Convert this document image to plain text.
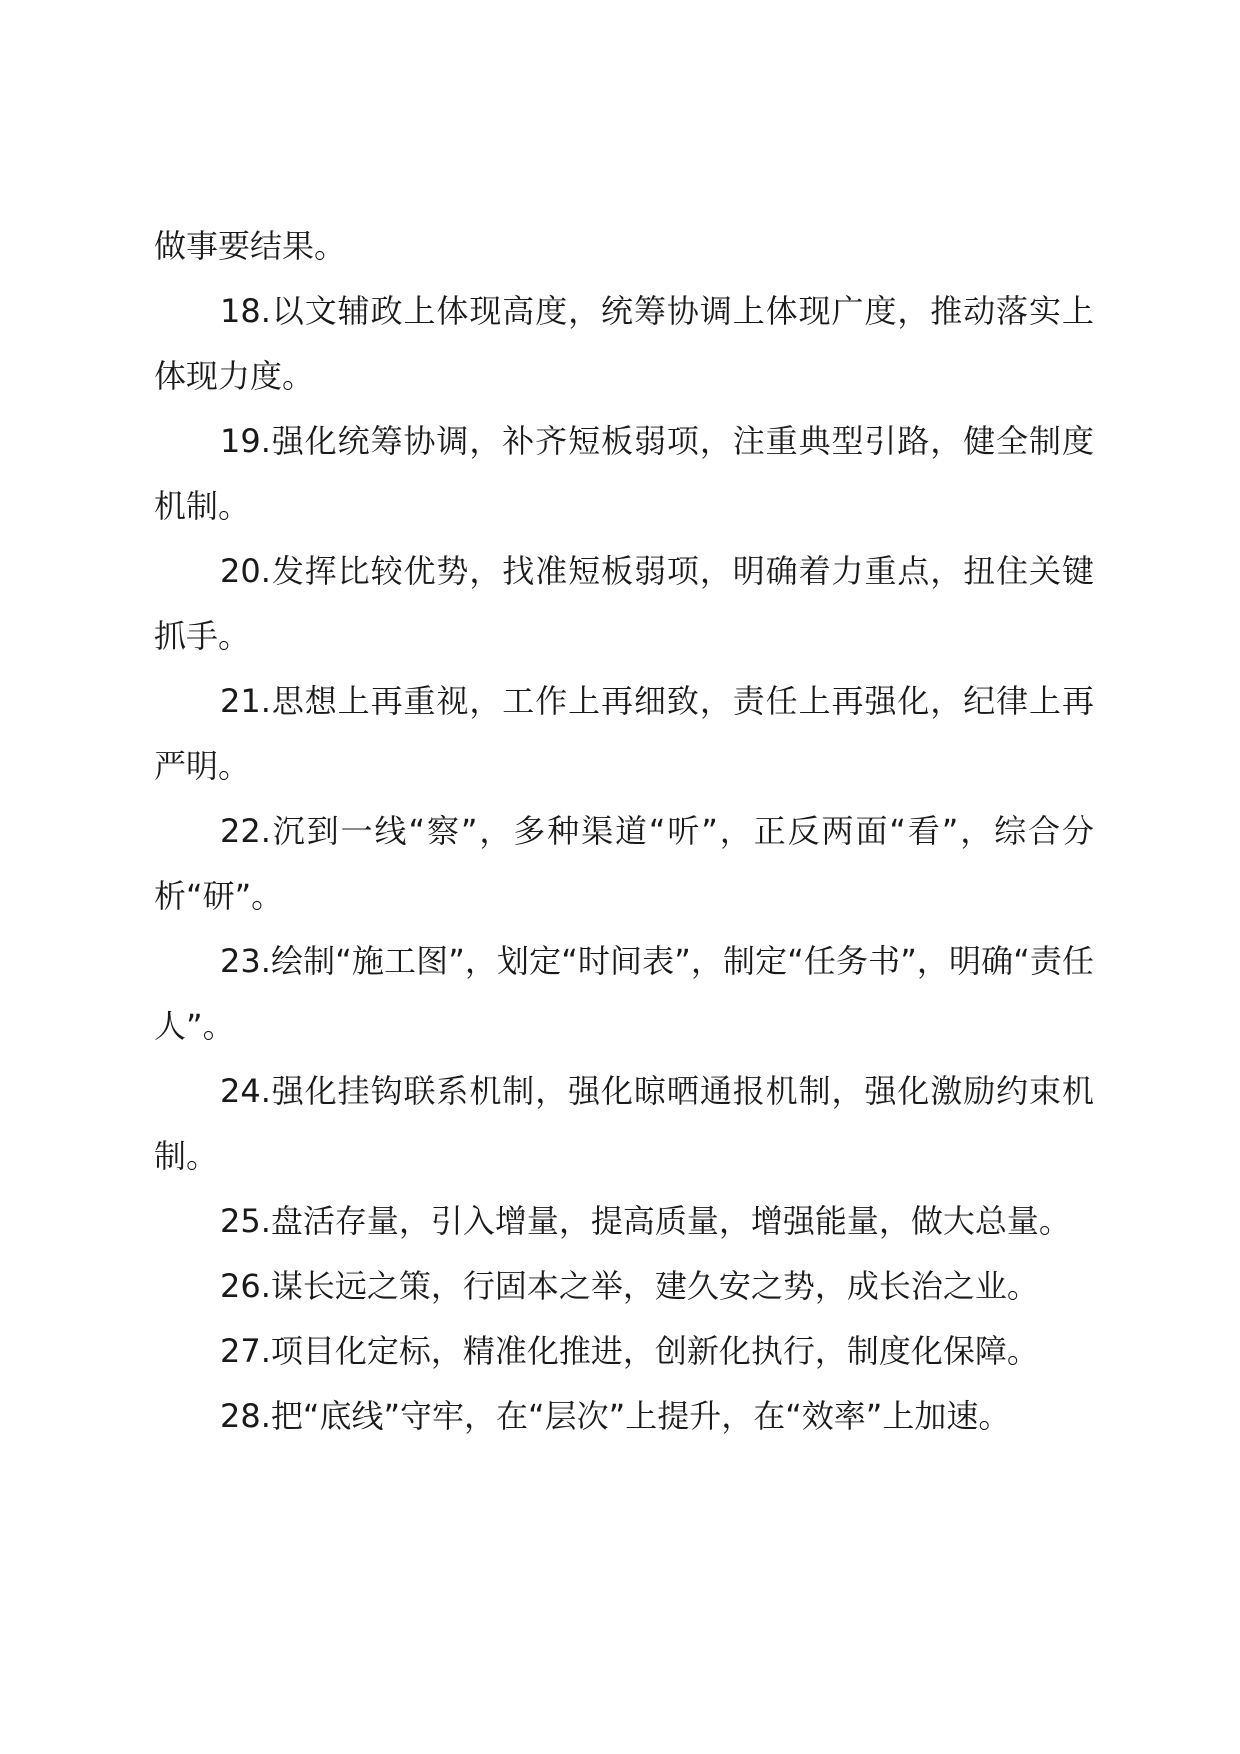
做事要结果。

18.以文辅政上体现高度，统筹协调上体现广度，推动落实上体现力度。

19.强化统筹协调，补齐短板弱项，注重典型引路，健全制度机制。

20.发挥比较优势，找准短板弱项，明确着力重点，扭住关键抓手。

21.思想上再重视，工作上再细致，责任上再强化，纪律上再严明。

22.沉到一线“察”，多种渠道“听”，正反两面“看”，综合分析“研”。

23.绘制“施工图”，划定“时间表”，制定“任务书”，明确“责任人”。

24.强化挂钩联系机制，强化晾晒通报机制，强化激励约束机制。

25.盘活存量，引入增量，提高质量，增强能量，做大总量。

26.谋长远之策，行固本之举，建久安之势，成长治之业。

27.项目化定标，精准化推进，创新化执行，制度化保障。

28.把“底线”守牢，在“层次”上提升，在“效率”上加速。
